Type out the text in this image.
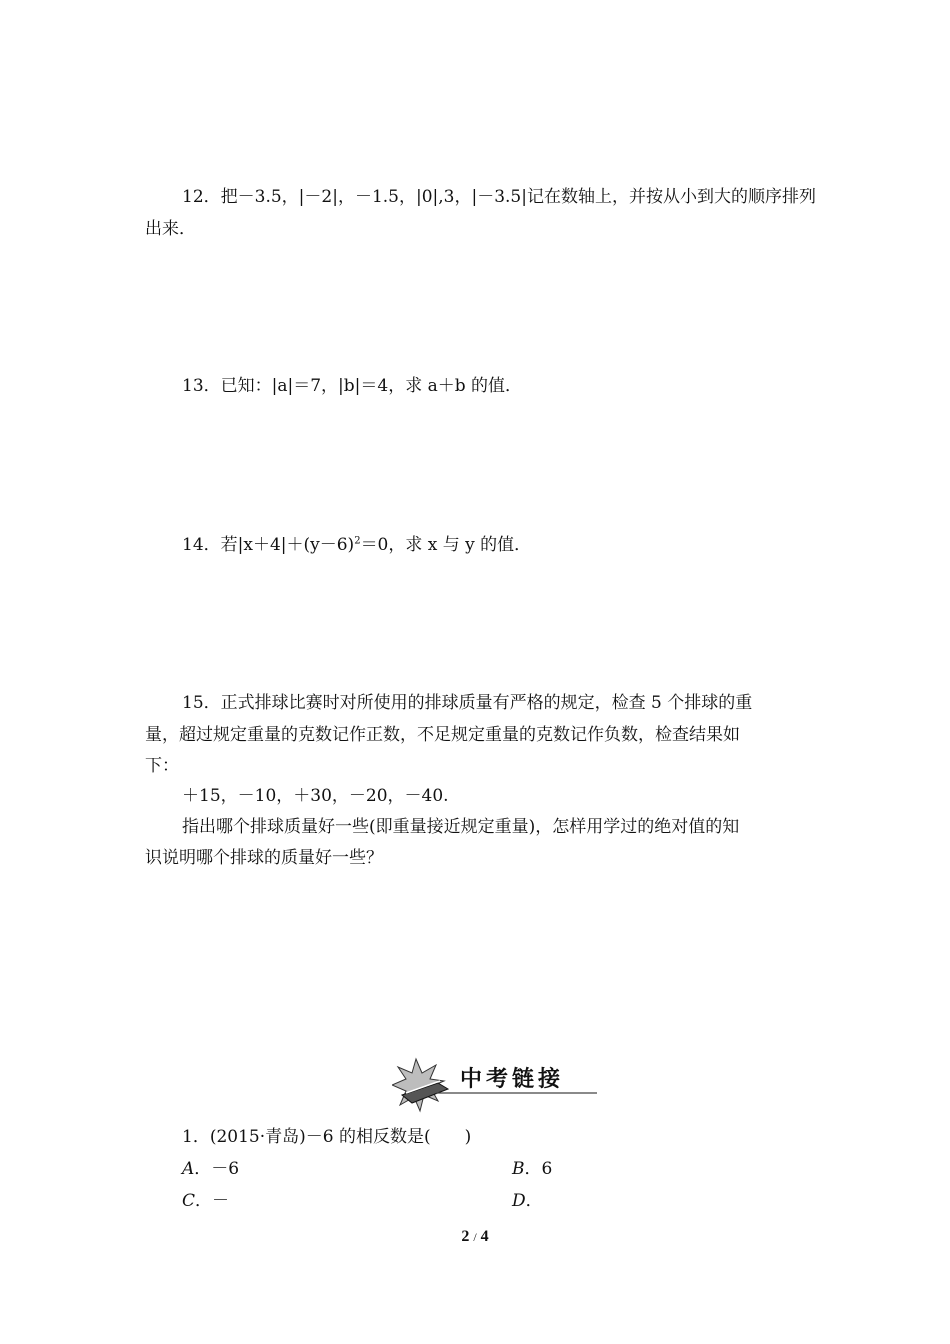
12．把－3.5，|－2|，－1.5，|0|,3，|－3.5|记在数轴上，并按从小到大的顺序排列
出来．
13．已知：|a|＝7，|b|＝4，求 a＋b 的值．
14．若$|x+4|+(y-6)^2=0$，求 x 与 y 的值．
15．正式排球比赛时对所使用的排球质量有严格的规定，检查 5 个排球的重
量，超过规定重量的克数记作正数，不足规定重量的克数记作负数，检查结果如
下：
＋15，－10，＋30，－20，－40.
指出哪个排球质量好一些(即重量接近规定重量)，怎样用学过的绝对值的知
识说明哪个排球的质量好一些？
中考链接
1．(2015·青岛)－6 的相反数是(　　)
A．－6	B．6
C．－	D．
2 / 4
